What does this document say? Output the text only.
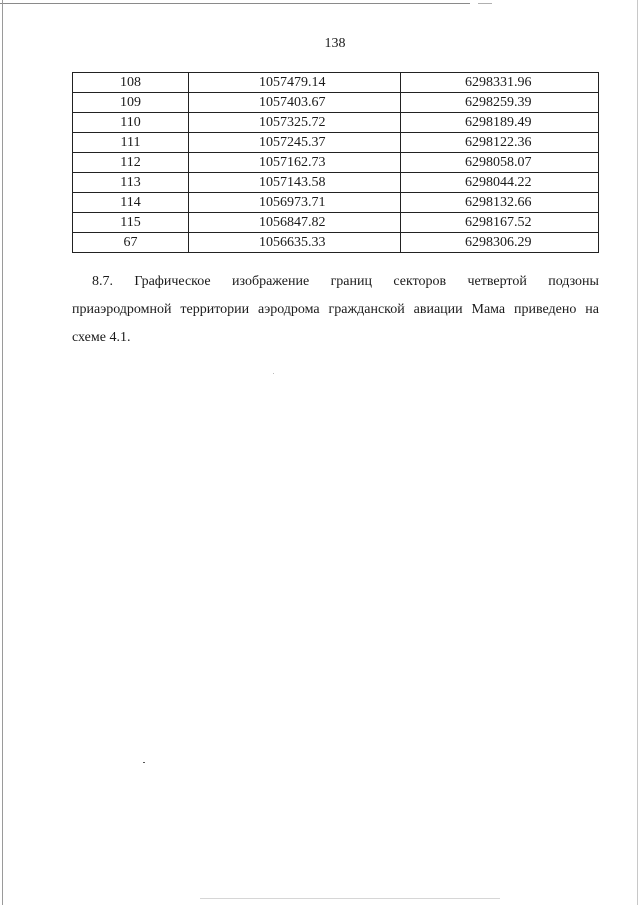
138
108	1057479.14	6298331.96
109	1057403.67	6298259.39
110	1057325.72	6298189.49
111	1057245.37	6298122.36
112	1057162.73	6298058.07
113	1057143.58	6298044.22
114	1056973.71	6298132.66
115	1056847.82	6298167.52
67	1056635.33	6298306.29
8.7. Графическое изображение границ секторов четвертой подзоны
приаэродромной территории аэродрома гражданской авиации Мама приведено на
схеме 4.1.
